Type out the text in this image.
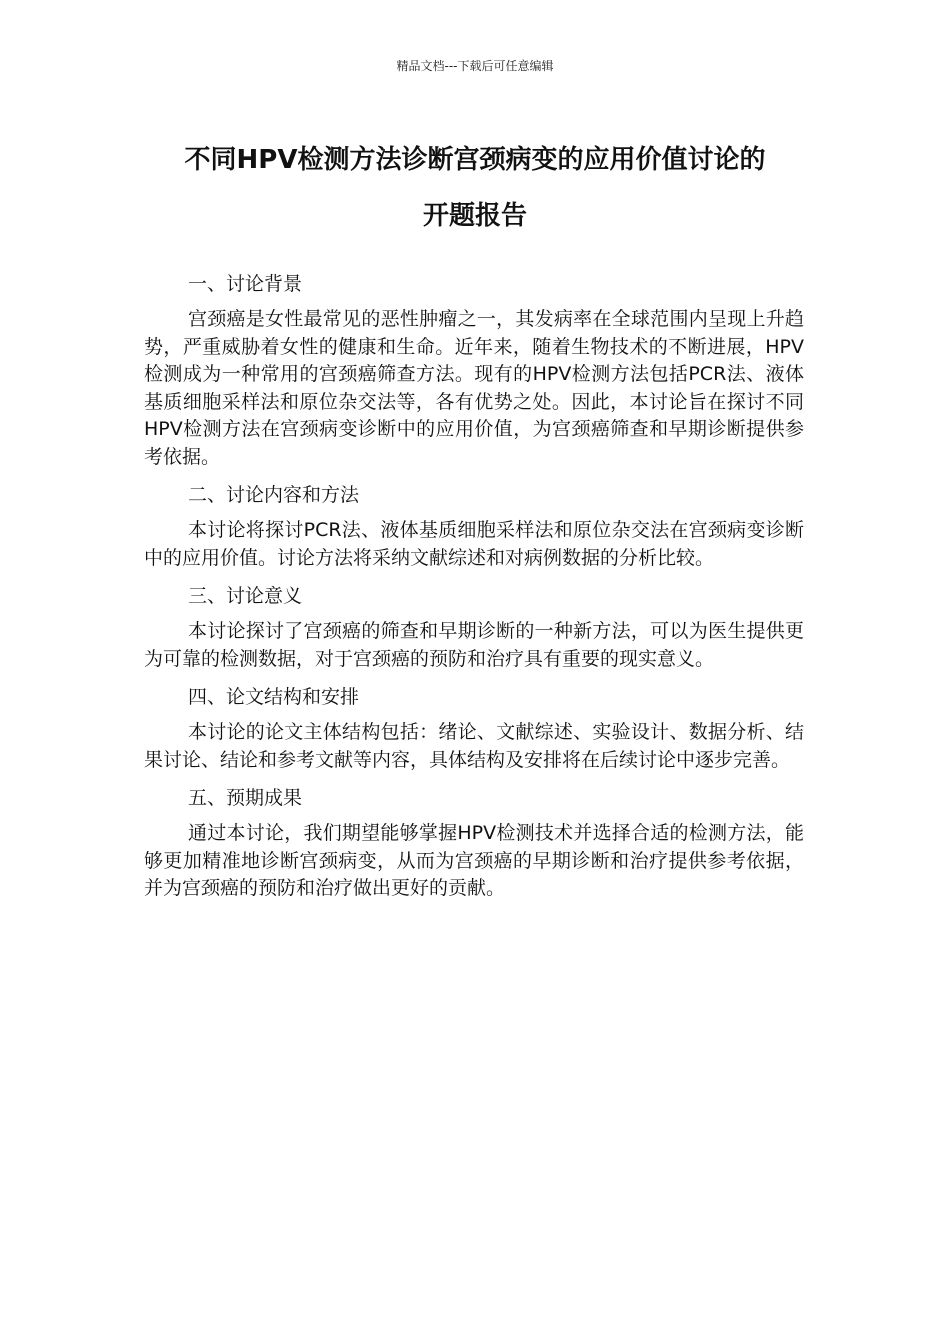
精品文档---下载后可任意编辑
不同HPV检测方法诊断宫颈病变的应用价值讨论的
开题报告
一、讨论背景

宫颈癌是女性最常见的恶性肿瘤之一，其发病率在全球范围内呈现上升趋势，严重威胁着女性的健康和生命。近年来，随着生物技术的不断进展，HPV检测成为一种常用的宫颈癌筛查方法。现有的HPV检测方法包括PCR法、液体基质细胞采样法和原位杂交法等，各有优势之处。因此，本讨论旨在探讨不同HPV检测方法在宫颈病变诊断中的应用价值，为宫颈癌筛查和早期诊断提供参考依据。

二、讨论内容和方法

本讨论将探讨PCR法、液体基质细胞采样法和原位杂交法在宫颈病变诊断中的应用价值。讨论方法将采纳文献综述和对病例数据的分析比较。

三、讨论意义

本讨论探讨了宫颈癌的筛查和早期诊断的一种新方法，可以为医生提供更为可靠的检测数据，对于宫颈癌的预防和治疗具有重要的现实意义。

四、论文结构和安排

本讨论的论文主体结构包括：绪论、文献综述、实验设计、数据分析、结果讨论、结论和参考文献等内容，具体结构及安排将在后续讨论中逐步完善。

五、预期成果

通过本讨论，我们期望能够掌握HPV检测技术并选择合适的检测方法，能够更加精准地诊断宫颈病变，从而为宫颈癌的早期诊断和治疗提供参考依据，并为宫颈癌的预防和治疗做出更好的贡献。
